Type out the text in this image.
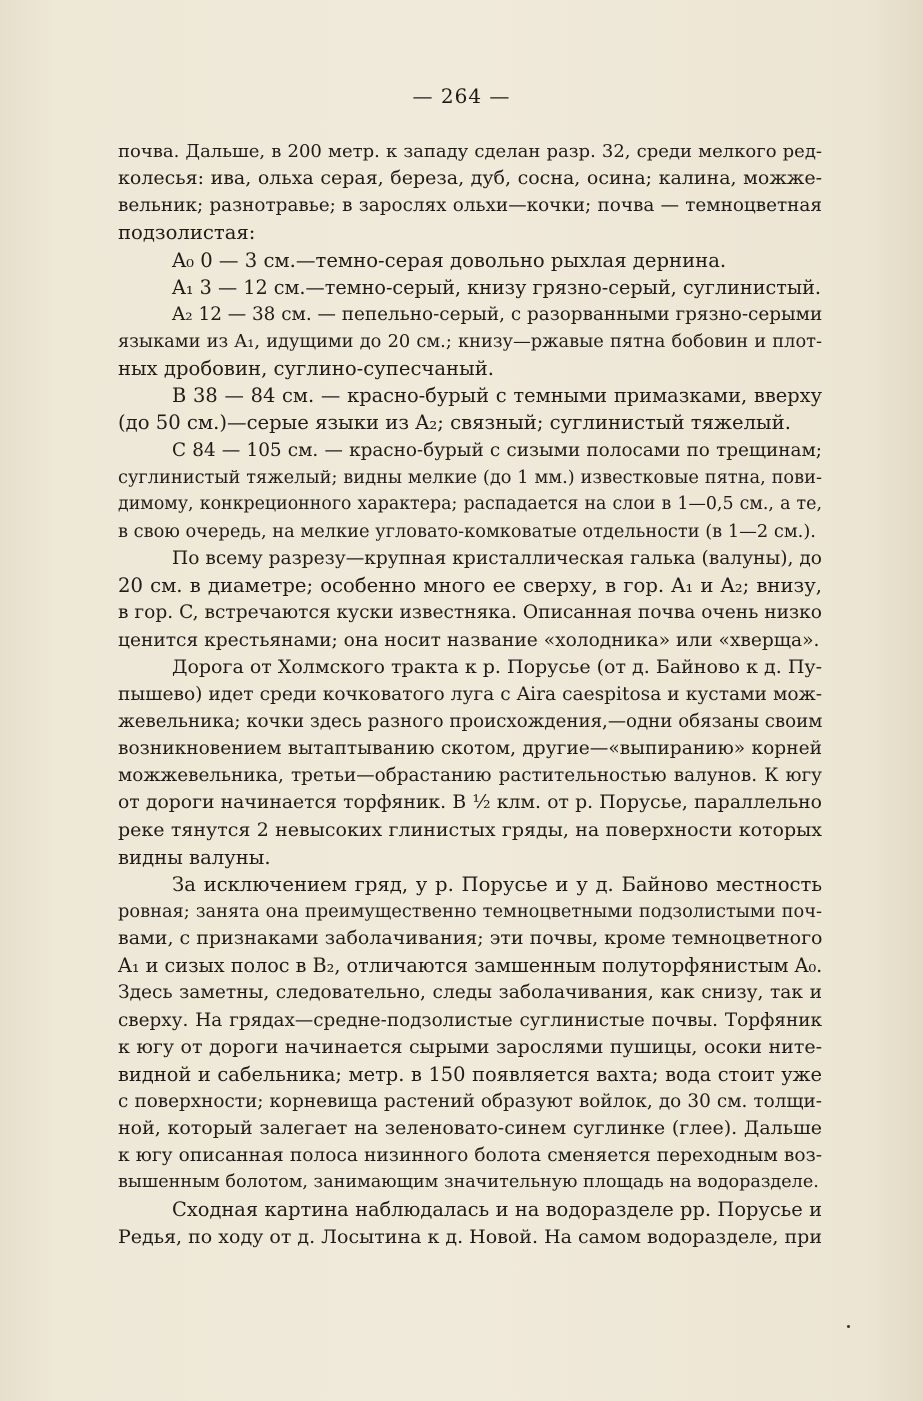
— 264 —
почва. Дальше, в 200 метр. к западу сделан разр. 32, среди мелкого ред-
колесья: ива, ольха серая, береза, дуб, сосна, осина; калина, можже-
вельник; разнотравье; в зарослях ольхи—кочки; почва — темноцветная
подзолистая:
A₀ 0 — 3 см.—темно-серая довольно рыхлая дернина.
A₁ 3 — 12 см.—темно-серый, книзу грязно-серый, суглинистый.
A₂ 12 — 38 см. — пепельно-серый, с разорванными грязно-серыми
языками из A₁, идущими до 20 см.; книзу—ржавые пятна бобовин и плот-
ных дробовин, суглино-супесчаный.
B 38 — 84 см. — красно-бурый с темными примазками, вверху
(до 50 см.)—серые языки из A₂; связный; суглинистый тяжелый.
C 84 — 105 см. — красно-бурый с сизыми полосами по трещинам;
суглинистый тяжелый; видны мелкие (до 1 мм.) известковые пятна, пови-
димому, конкреционного характера; распадается на слои в 1—0,5 см., а те,
в свою очередь, на мелкие угловато-комковатые отдельности (в 1—2 см.).
По всему разрезу—крупная кристаллическая галька (валуны), до
20 см. в диаметре; особенно много ее сверху, в гор. A₁ и A₂; внизу,
в гор. C, встречаются куски известняка. Описанная почва очень низко
ценится крестьянами; она носит название «холодника» или «хверща».
Дорога от Холмского тракта к р. Порусье (от д. Байново к д. Пу-
пышево) идет среди кочковатого луга с Aira caespitosa и кустами мож-
жевельника; кочки здесь разного происхождения,—одни обязаны своим
возникновением вытаптыванию скотом, другие—«выпиранию» корней
можжевельника, третьи—обрастанию растительностью валунов. К югу
от дороги начинается торфяник. В ½ клм. от р. Порусье, параллельно
реке тянутся 2 невысоких глинистых гряды, на поверхности которых
видны валуны.
За исключением гряд, у р. Порусье и у д. Байново местность
ровная; занята она преимущественно темноцветными подзолистыми поч-
вами, с признаками заболачивания; эти почвы, кроме темноцветного
A₁ и сизых полос в B₂, отличаются замшенным полуторфянистым A₀.
Здесь заметны, следовательно, следы заболачивания, как снизу, так и
сверху. На грядах—средне-подзолистые суглинистые почвы. Торфяник
к югу от дороги начинается сырыми зарослями пушицы, осоки ните-
видной и сабельника; метр. в 150 появляется вахта; вода стоит уже
с поверхности; корневища растений образуют войлок, до 30 см. толщи-
ной, который залегает на зеленовато-синем суглинке (глее). Дальше
к югу описанная полоса низинного болота сменяется переходным воз-
вышенным болотом, занимающим значительную площадь на водоразделе.
Сходная картина наблюдалась и на водоразделе рр. Порусье и
Редья, по ходу от д. Лосытина к д. Новой. На самом водоразделе, при
